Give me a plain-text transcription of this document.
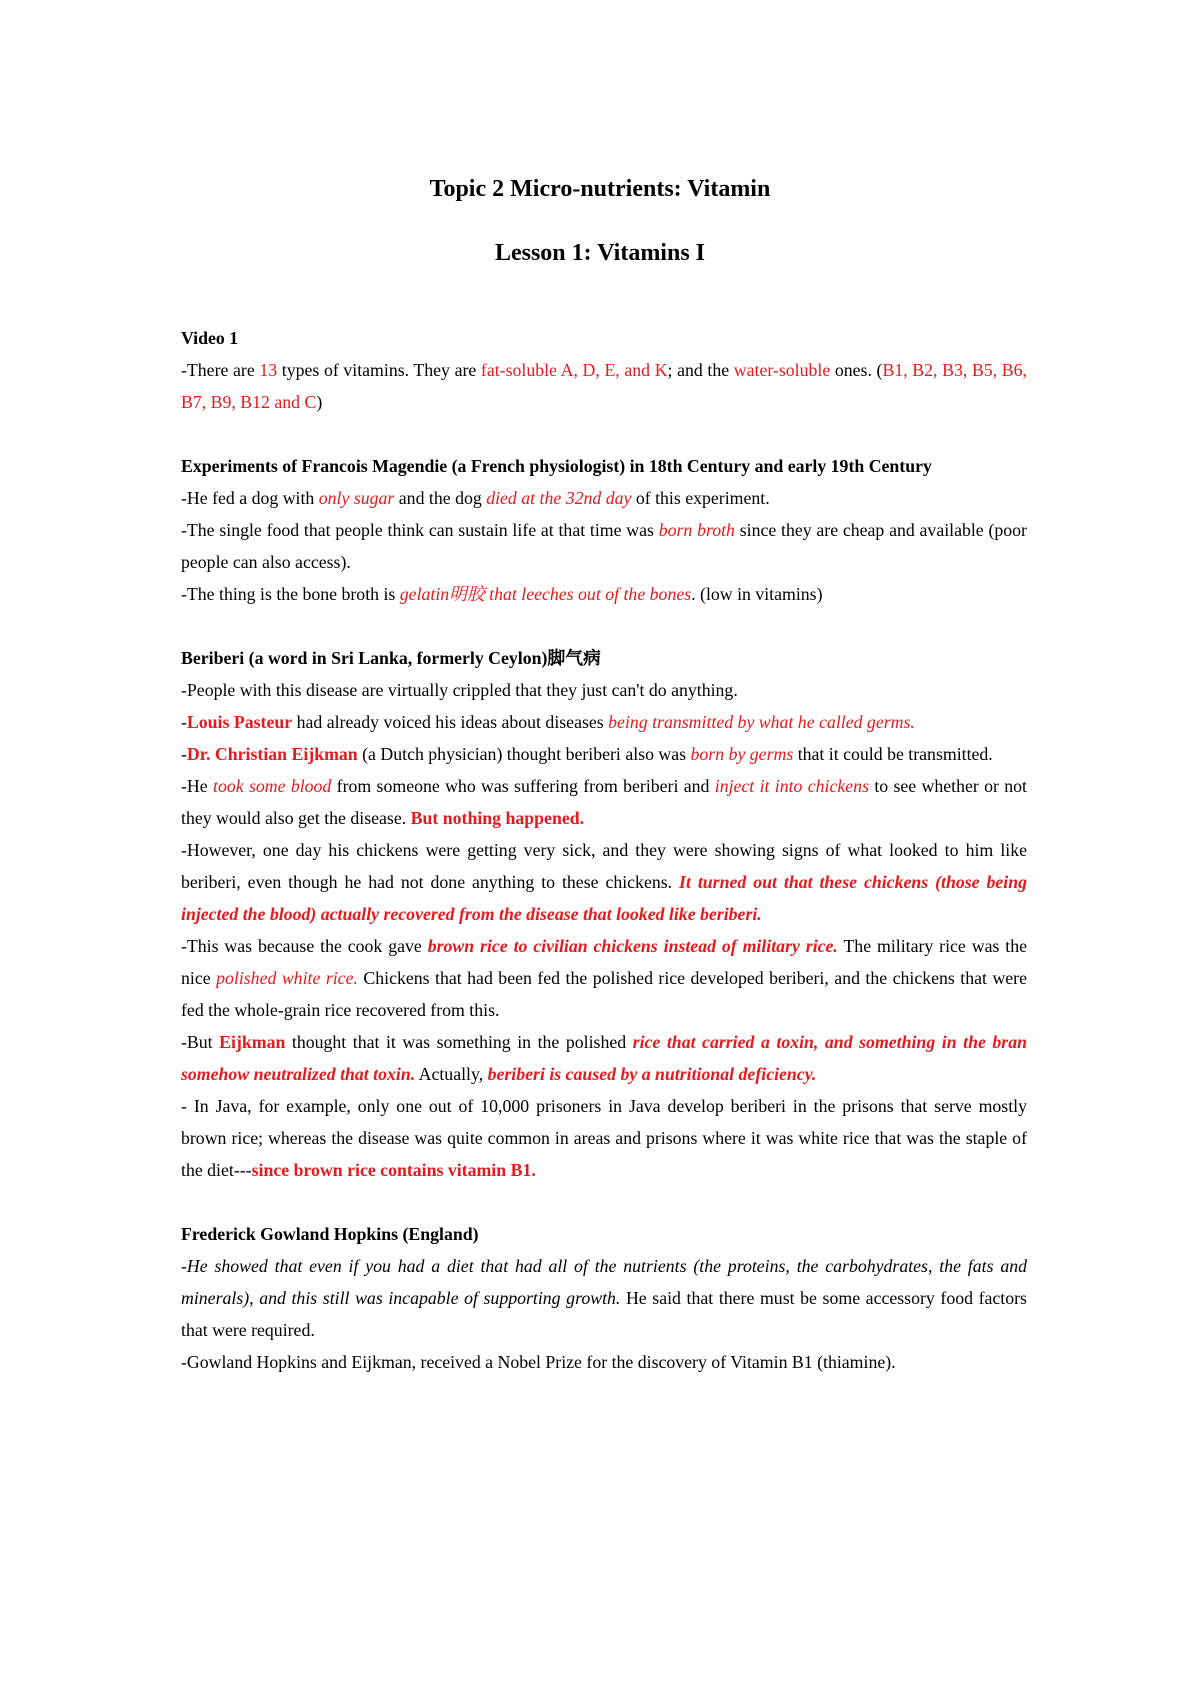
Topic 2 Micro-nutrients: Vitamin
Lesson 1: Vitamins I

Video 1

-There are 13 types of vitamins. They are fat-soluble A, D, E, and K; and the water-soluble ones. (B1, B2, B3, B5, B6, B7, B9, B12 and C)

Experiments of Francois Magendie (a French physiologist) in 18th Century and early 19th Century

-He fed a dog with only sugar and the dog died at the 32nd day of this experiment.

-The single food that people think can sustain life at that time was born broth since they are cheap and available (poor people can also access).

-The thing is the bone broth is gelatin明胶 that leeches out of the bones. (low in vitamins)

Beriberi (a word in Sri Lanka, formerly Ceylon)脚气病

-People with this disease are virtually crippled that they just can't do anything.

-Louis Pasteur had already voiced his ideas about diseases being transmitted by what he called germs.

-Dr. Christian Eijkman (a Dutch physician) thought beriberi also was born by germs that it could be transmitted.

-He took some blood from someone who was suffering from beriberi and inject it into chickens to see whether or not they would also get the disease. But nothing happened.

-However, one day his chickens were getting very sick, and they were showing signs of what looked to him like beriberi, even though he had not done anything to these chickens. It turned out that these chickens (those being injected the blood) actually recovered from the disease that looked like beriberi.

-This was because the cook gave brown rice to civilian chickens instead of military rice. The military rice was the nice polished white rice. Chickens that had been fed the polished rice developed beriberi, and the chickens that were fed the whole-grain rice recovered from this.

-But Eijkman thought that it was something in the polished rice that carried a toxin, and something in the bran somehow neutralized that toxin. Actually, beriberi is caused by a nutritional deficiency.

- In Java, for example, only one out of 10,000 prisoners in Java develop beriberi in the prisons that serve mostly brown rice; whereas the disease was quite common in areas and prisons where it was white rice that was the staple of the diet---since brown rice contains vitamin B1.

Frederick Gowland Hopkins (England)

-He showed that even if you had a diet that had all of the nutrients (the proteins, the carbohydrates, the fats and minerals), and this still was incapable of supporting growth. He said that there must be some accessory food factors that were required.

-Gowland Hopkins and Eijkman, received a Nobel Prize for the discovery of Vitamin B1 (thiamine).
